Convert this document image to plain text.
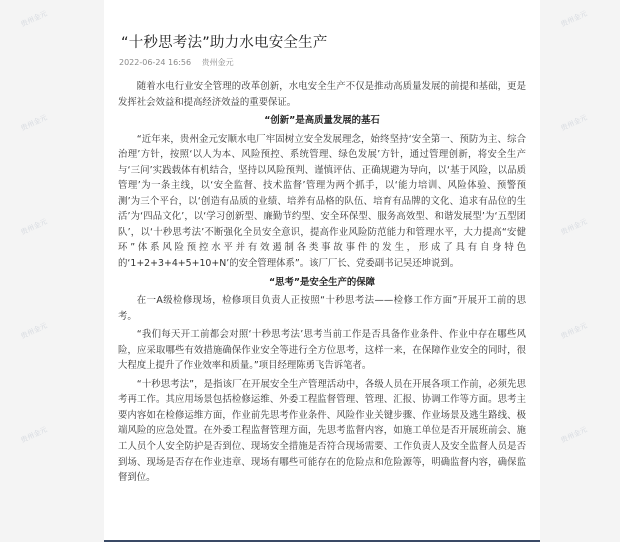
贵州金元
贵州金元
贵州金元
贵州金元
贵州金元
贵州金元
贵州金元
贵州金元
贵州金元
贵州金元
“十秒思考法”助力水电安全生产
2022-06-24 16:56 贵州金元

随着水电行业安全管理的改革创新，水电安全生产不仅是推动高质量发展的前提和基础，更是发挥社会效益和提高经济效益的重要保证。

“创新”是高质量发展的基石

“近年来，贵州金元安顺水电厂牢固树立安全发展理念，始终坚持‘安全第一、预防为主、综合治理’方针，按照‘以人为本、风险预控、系统管理、绿色发展’方针，通过管理创新，将安全生产与‘三问’实践载体有机结合，坚持以风险预判、谨慎评估、正确规避为导向，以‘基于风险，以品质管理’为一条主线，以‘安全监督、技术监督’管理为两个抓手，以‘能力培训、风险体验、预警预测’为三个平台，以‘创造有品质的业绩、培养有品格的队伍、培育有品牌的文化、追求有品位的生活’为‘四品文化’，以‘学习创新型、廉勤节约型、安全环保型、服务高效型、和谐发展型’为‘五型团队’，以‘十秒思考法’不断强化全员安全意识，提高作业风险防范能力和管理水平，大力提高“安健环”体系风险预控水平并有效遏制各类事故事件的发生，形成了具有自身特色的‘1+2+3+4+5+10+N’的安全管理体系”。该厂厂长、党委副书记吴还坤说到。

“思考”是安全生产的保障

在一A级检修现场，检修项目负责人正按照“十秒思考法——检修工作方面”开展开工前的思考。

“我们每天开工前都会对照‘十秒思考法’思考当前工作是否具备作业条件、作业中存在哪些风险，应采取哪些有效措施确保作业安全等进行全方位思考，这样一来，在保障作业安全的同时，很大程度上提升了作业效率和质量。”项目经理陈勇飞告诉笔者。

“十秒思考法”，是指该厂在开展安全生产管理活动中，各级人员在开展各项工作前，必须先思考再工作。其应用场景包括检修运维、外委工程监督管理、管理、汇报、协调工作等方面。思考主要内容如在检修运维方面，作业前先思考作业条件、风险作业关键步骤、作业场景及逃生路线、极端风险的应急处置。在外委工程监督管理方面，先思考监督内容，如施工单位是否开展班前会、施工人员个人安全防护是否到位、现场安全措施是否符合现场需要、工作负责人及安全监督人员是否到场、现场是否存在作业违章、现场有哪些可能存在的危险点和危险源等，明确监督内容，确保监督到位。
